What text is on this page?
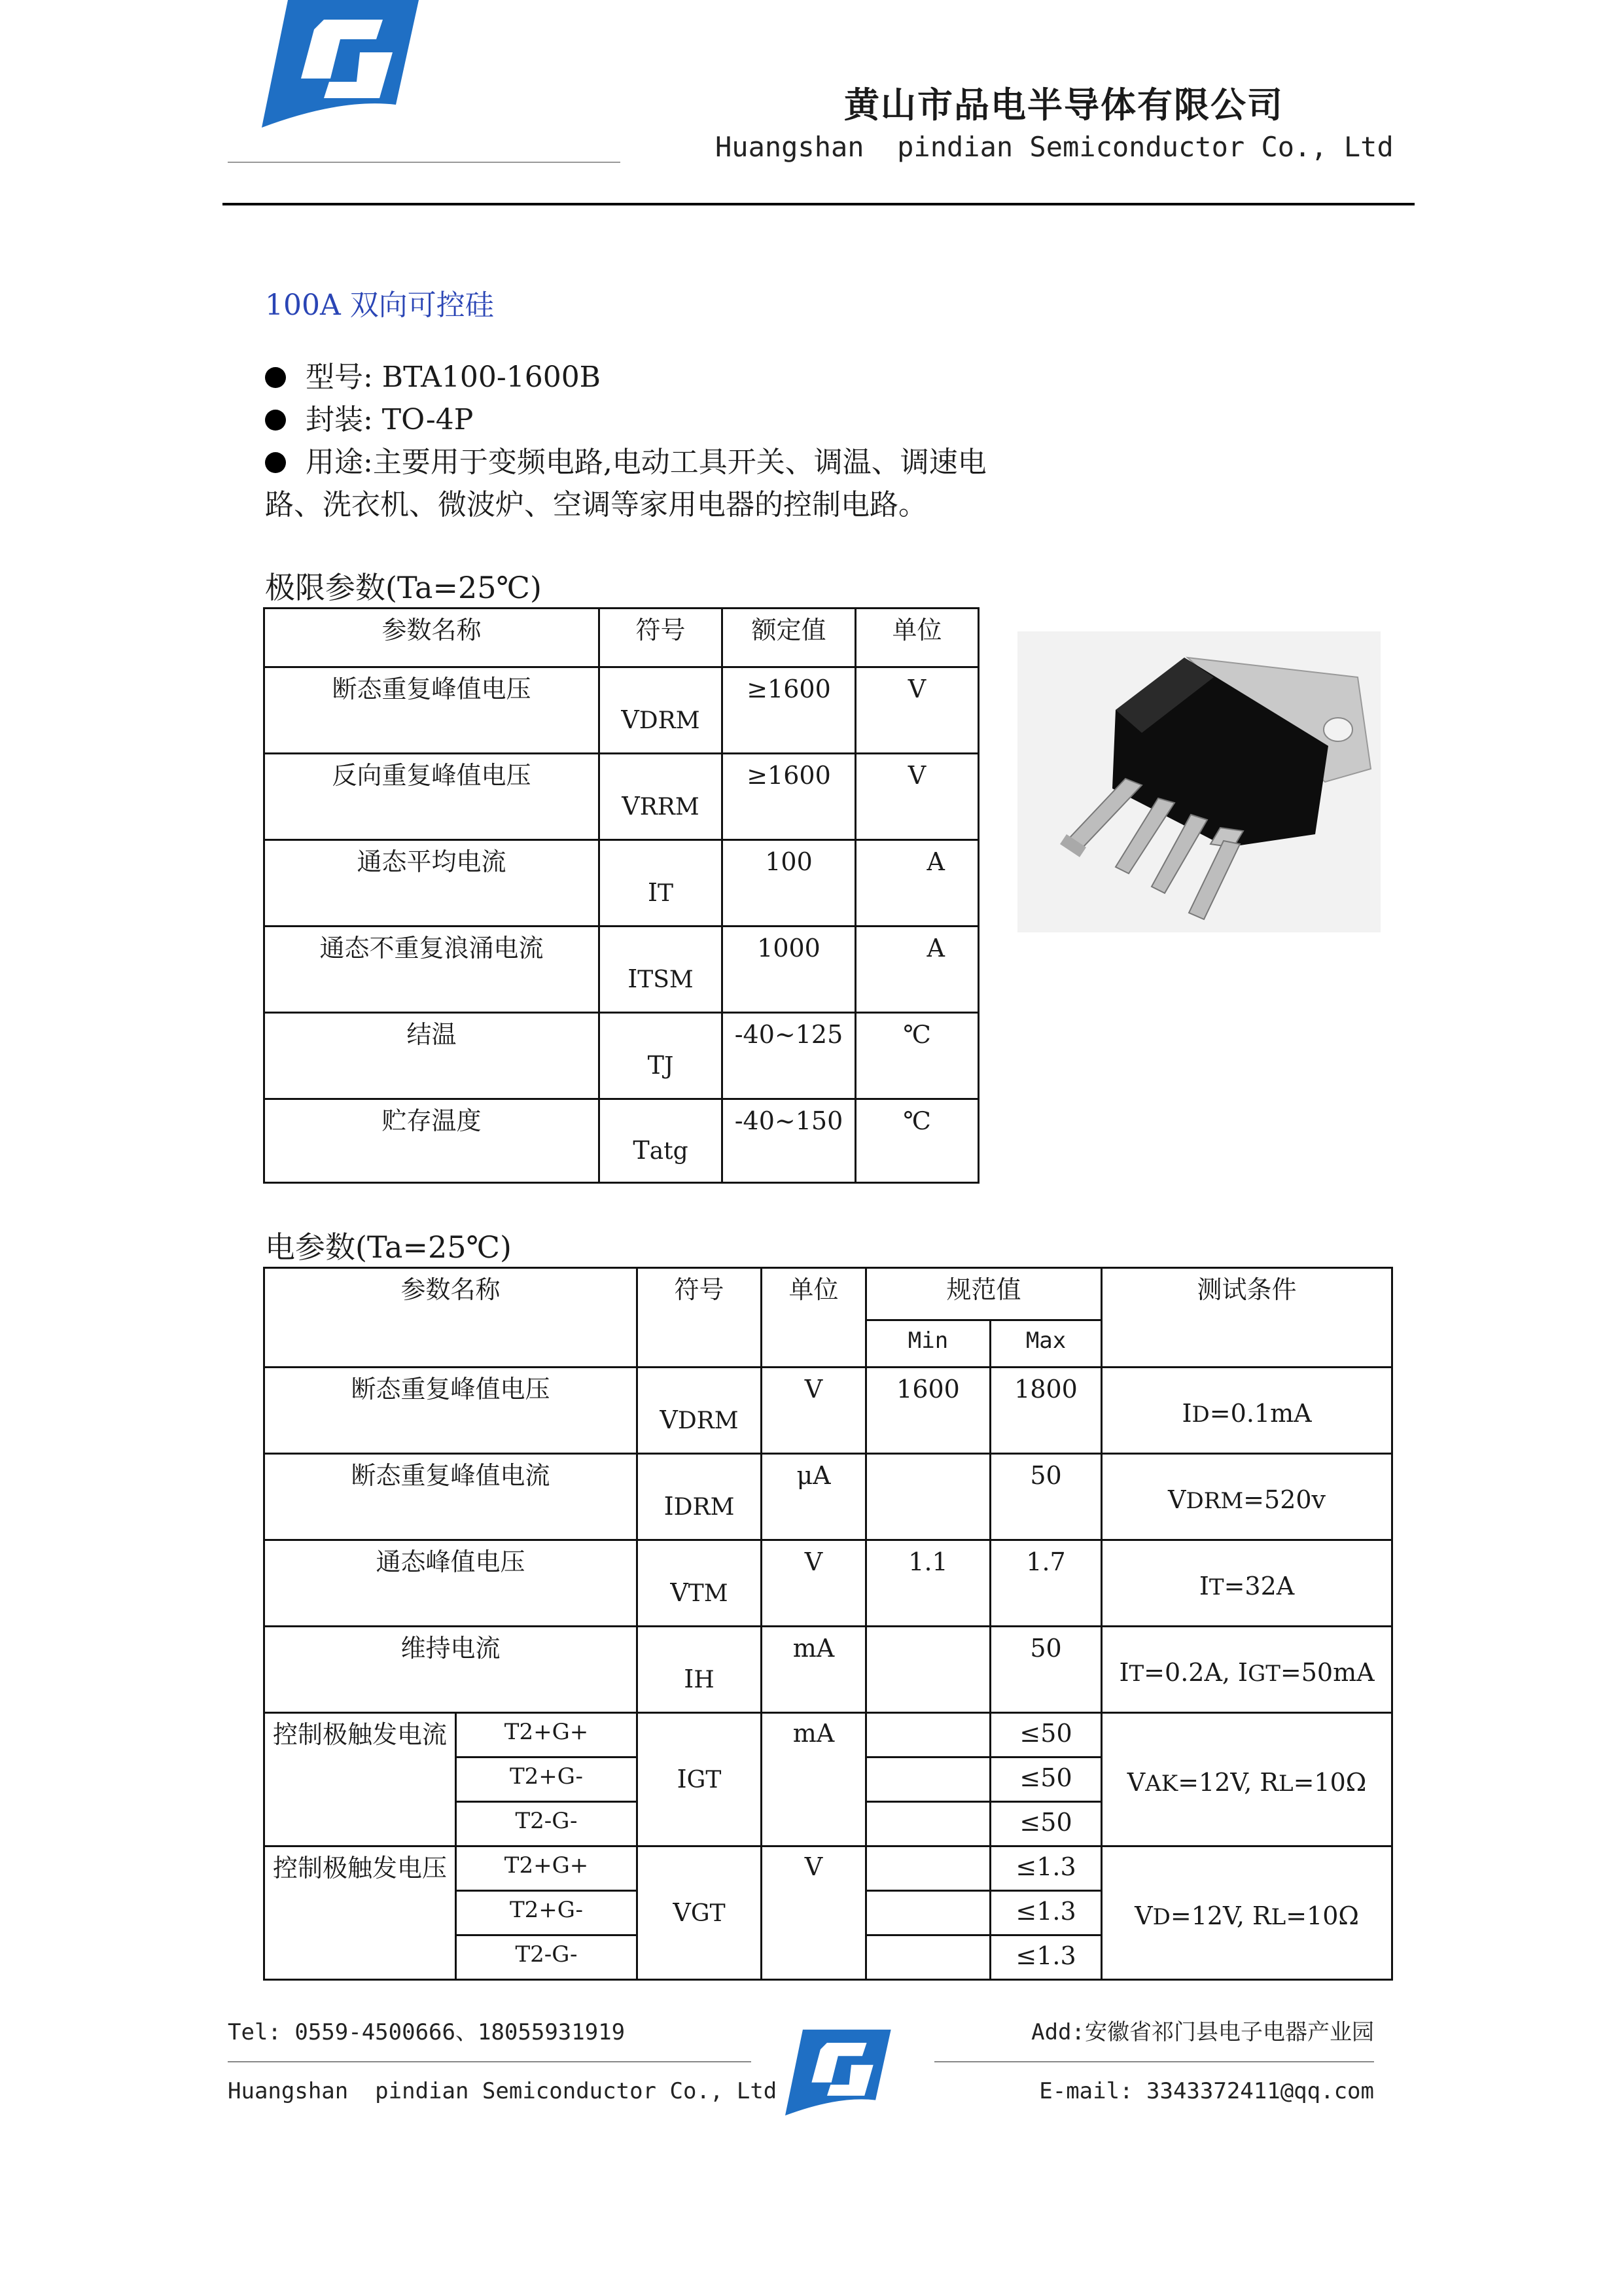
黄山市品电半导体有限公司
Huangshan  pindian Semiconductor Co., Ltd
100A 双向可控硅
型号: BTA100-1600B
封装: TO-4P
用途:主要用于变频电路,电动工具开关、调温、调速电
路、洗衣机、微波炉、空调等家用电器的控制电路。
极限参数(Ta=25℃)
参数名称	符号	额定值	单位
断态重复峰值电压	VDRM	≥1600	V
反向重复峰值电压	VRRM	≥1600	V
通态平均电流	IT	100	A
通态不重复浪涌电流	ITSM	1000	A
结温	TJ	-40~125	℃
贮存温度	Tatg	-40~150	℃
电参数(Ta=25℃)
参数名称		符号	单位	规范值		测试条件
				Min	Max	
断态重复峰值电压		VDRM	V	1600	1800	ID=0.1mA
断态重复峰值电流		IDRM	μA		50	VDRM=520v
通态峰值电压		VTM	V	1.1	1.7	IT=32A
维持电流		IH	mA		50	IT=0.2A, IGT=50mA
控制极触发电流	T2+G+	IGT	mA		≤50	VAK=12V, RL=10Ω
	T2+G-				≤50	
	T2-G-				≤50	
控制极触发电压	T2+G+	VGT	V		≤1.3	VD=12V, RL=10Ω
	T2+G-				≤1.3	
	T2-G-				≤1.3	
Tel: 0559-4500666、18055931919	Add:安徽省祁门县电子电器产业园
Huangshan  pindian Semiconductor Co., Ltd	E-mail: 3343372411@qq.com
